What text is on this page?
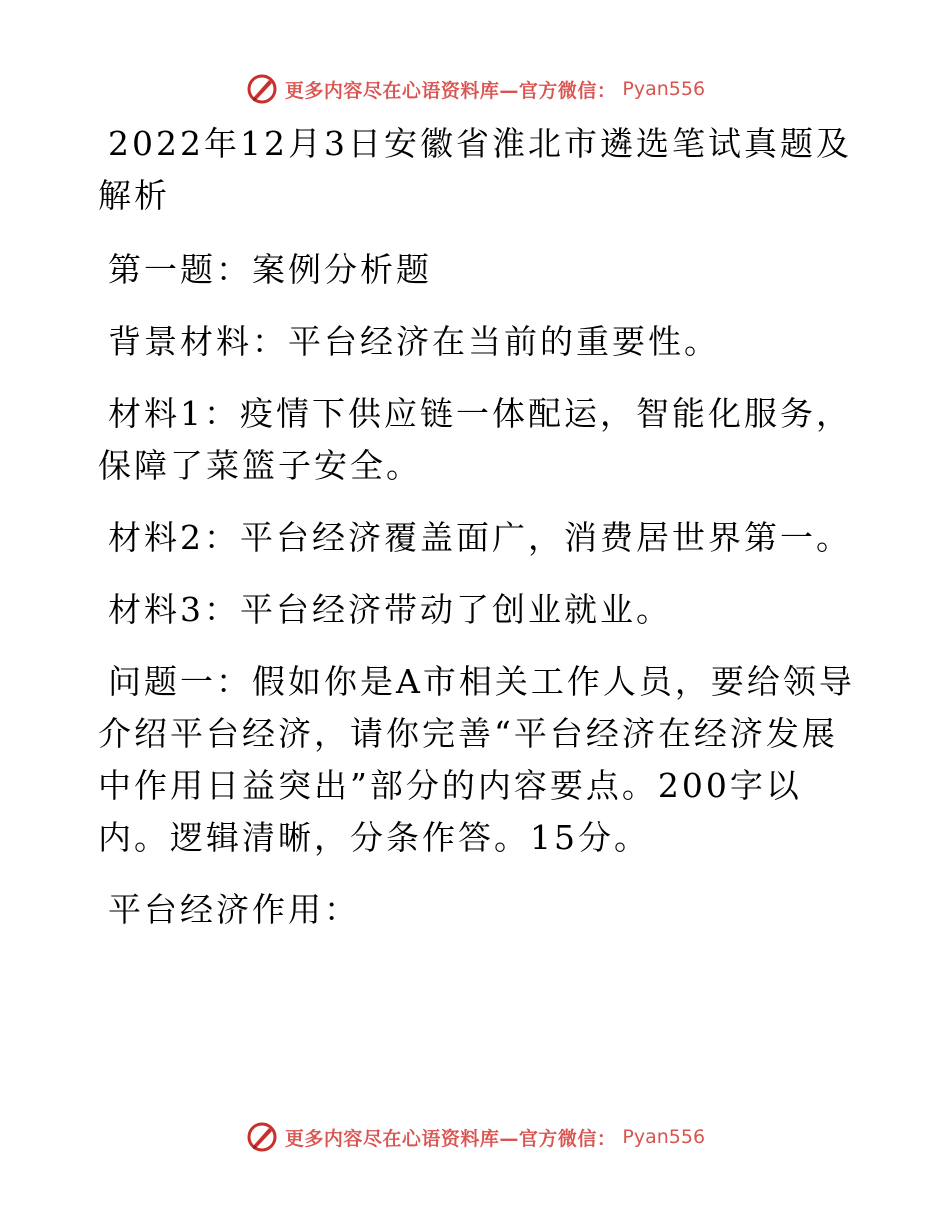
更多内容尽在心语资料库—官方微信： Pyan556

2022年12月3日安徽省淮北市遴选笔试真题及解析

第一题：案例分析题

背景材料：平台经济在当前的重要性。

材料1：疫情下供应链一体配运，智能化服务，保障了菜篮子安全。

材料2：平台经济覆盖面广，消费居世界第一。

材料3：平台经济带动了创业就业。

问题一：假如你是A市相关工作人员，要给领导介绍平台经济，请你完善“平台经济在经济发展中作用日益突出”部分的内容要点。200字以内。逻辑清晰，分条作答。15分。

平台经济作用：

更多内容尽在心语资料库—官方微信： Pyan556
